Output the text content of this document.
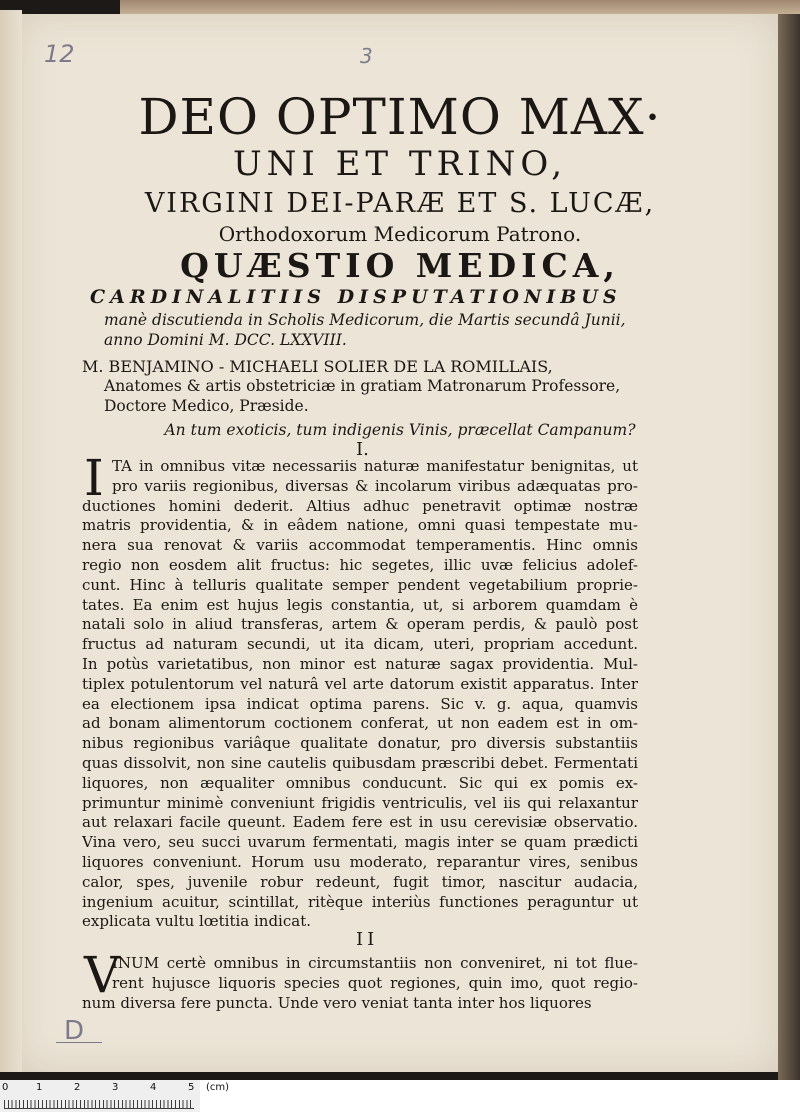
12	3
D
DEO OPTIMO MAX·
UNI ET TRINO,
VIRGINI DEI-PARÆ ET S. LUCÆ,
Orthodoxorum Medicorum Patrono.
QUÆSTIO MEDICA,
CARDINALITIIS DISPUTATIONIBUS
manè discutienda in Scholis Medicorum, die Martis secundâ Junii,
anno Domini M. DCC. LXXVIII.
M. BENJAMINO - MICHAELI SOLIER DE LA ROMILLAIS,
Anatomes & artis obstetriciæ in gratiam Matronarum Professore,
Doctore Medico, Præside.
An tum exoticis, tum indigenis Vinis, præcellat Campanum?
I.
I TA in omnibus vitæ necessariis naturæ manifestatur benignitas, ut
pro variis regionibus, diversas & incolarum viribus adæquatas pro-
ductiones homini dederit. Altius adhuc penetravit optimæ nostræ
matris providentia, & in eâdem natione, omni quasi tempestate mu-
nera sua renovat & variis accommodat temperamentis. Hinc omnis
regio non eosdem alit fructus: hic segetes, illic uvæ felicius adolef-
cunt. Hinc à telluris qualitate semper pendent vegetabilium proprie-
tates. Ea enim est hujus legis constantia, ut, si arborem quamdam è
natali solo in aliud transferas, artem & operam perdis, & paulò post
fructus ad naturam secundi, ut ita dicam, uteri, propriam accedunt.
In potùs varietatibus, non minor est naturæ sagax providentia. Mul-
tiplex potulentorum vel naturâ vel arte datorum existit apparatus. Inter
ea electionem ipsa indicat optima parens. Sic v. g. aqua, quamvis
ad bonam alimentorum coctionem conferat, ut non eadem est in om-
nibus regionibus variâque qualitate donatur, pro diversis substantiis
quas dissolvit, non sine cautelis quibusdam præscribi debet. Fermentati
liquores, non æqualiter omnibus conducunt. Sic qui ex pomis ex-
primuntur minimè conveniunt frigidis ventriculis, vel iis qui relaxantur
aut relaxari facile queunt. Eadem fere est in usu cerevisiæ observatio.
Vina vero, seu succi uvarum fermentati, magis inter se quam prædicti
liquores conveniunt. Horum usu moderato, reparantur vires, senibus
calor, spes, juvenile robur redeunt, fugit timor, nascitur audacia,
ingenium acuitur, scintillat, ritèque interiùs functiones peraguntur ut
explicata vultu lœtitia indicat.
II
V
INUM certè omnibus in circumstantiis non conveniret, ni tot flue-
rent hujusce liquoris species quot regiones, quin imo, quot regio-
num diversa fere puncta. Unde vero veniat tanta inter hos liquores
0	1	2	3	4	5 (cm)
